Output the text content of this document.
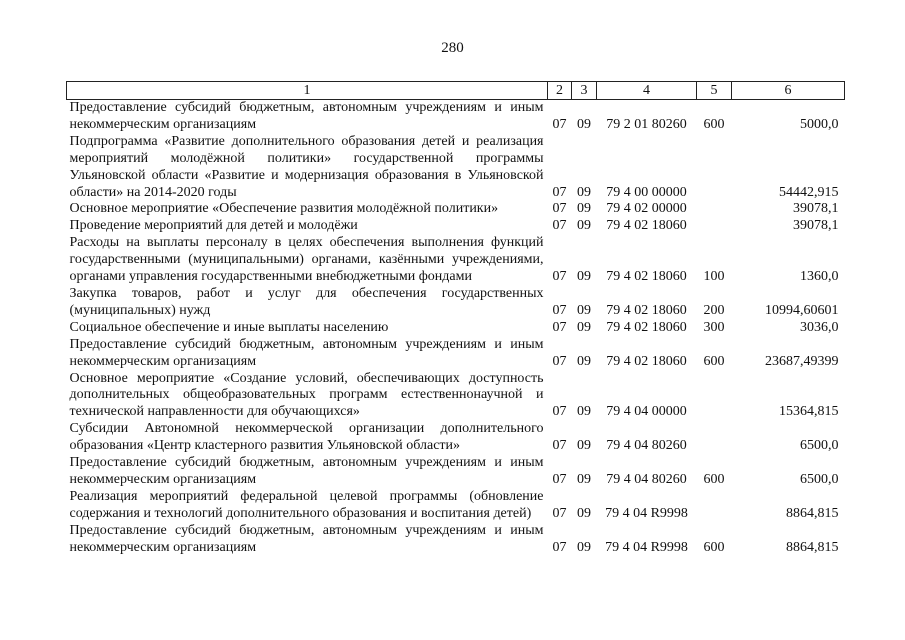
280
1	2	3	4	5	6
Предоставление субсидий бюджетным, автономным учреждениям и иным некоммерческим организациям	07	09	79 2 01 80260	600	5000,0
Подпрограмма «Развитие дополнительного образования детей и реализация мероприятий молодёжной политики» государственной программы Ульяновской области «Развитие и модернизация образования в Ульяновской области» на 2014-2020 годы	07	09	79 4 00 00000		54442,915
Основное мероприятие «Обеспечение развития молодёжной политики»	07	09	79 4 02 00000		39078,1
Проведение мероприятий для детей и молодёжи	07	09	79 4 02 18060		39078,1
Расходы на выплаты персоналу в целях обеспечения выполнения функций государственными (муниципальными) органами, казёнными учреждениями, органами управления государственными внебюджетными фондами	07	09	79 4 02 18060	100	1360,0
Закупка товаров, работ и услуг для обеспечения государственных (муниципальных) нужд	07	09	79 4 02 18060	200	10994,60601
Социальное обеспечение и иные выплаты населению	07	09	79 4 02 18060	300	3036,0
Предоставление субсидий бюджетным, автономным учреждениям и иным некоммерческим организациям	07	09	79 4 02 18060	600	23687,49399
Основное мероприятие «Создание условий, обеспечивающих доступность дополнительных общеобразовательных программ естественнонаучной и технической направленности для обучающихся»	07	09	79 4 04 00000		15364,815
Субсидии Автономной некоммерческой организации дополнительного образования «Центр кластерного развития Ульяновской области»	07	09	79 4 04 80260		6500,0
Предоставление субсидий бюджетным, автономным учреждениям и иным некоммерческим организациям	07	09	79 4 04 80260	600	6500,0
Реализация мероприятий федеральной целевой программы (обновление содержания и технологий дополнительного образования и воспитания детей)	07	09	79 4 04 R9998		8864,815
Предоставление субсидий бюджетным, автономным учреждениям и иным некоммерческим организациям	07	09	79 4 04 R9998	600	8864,815
